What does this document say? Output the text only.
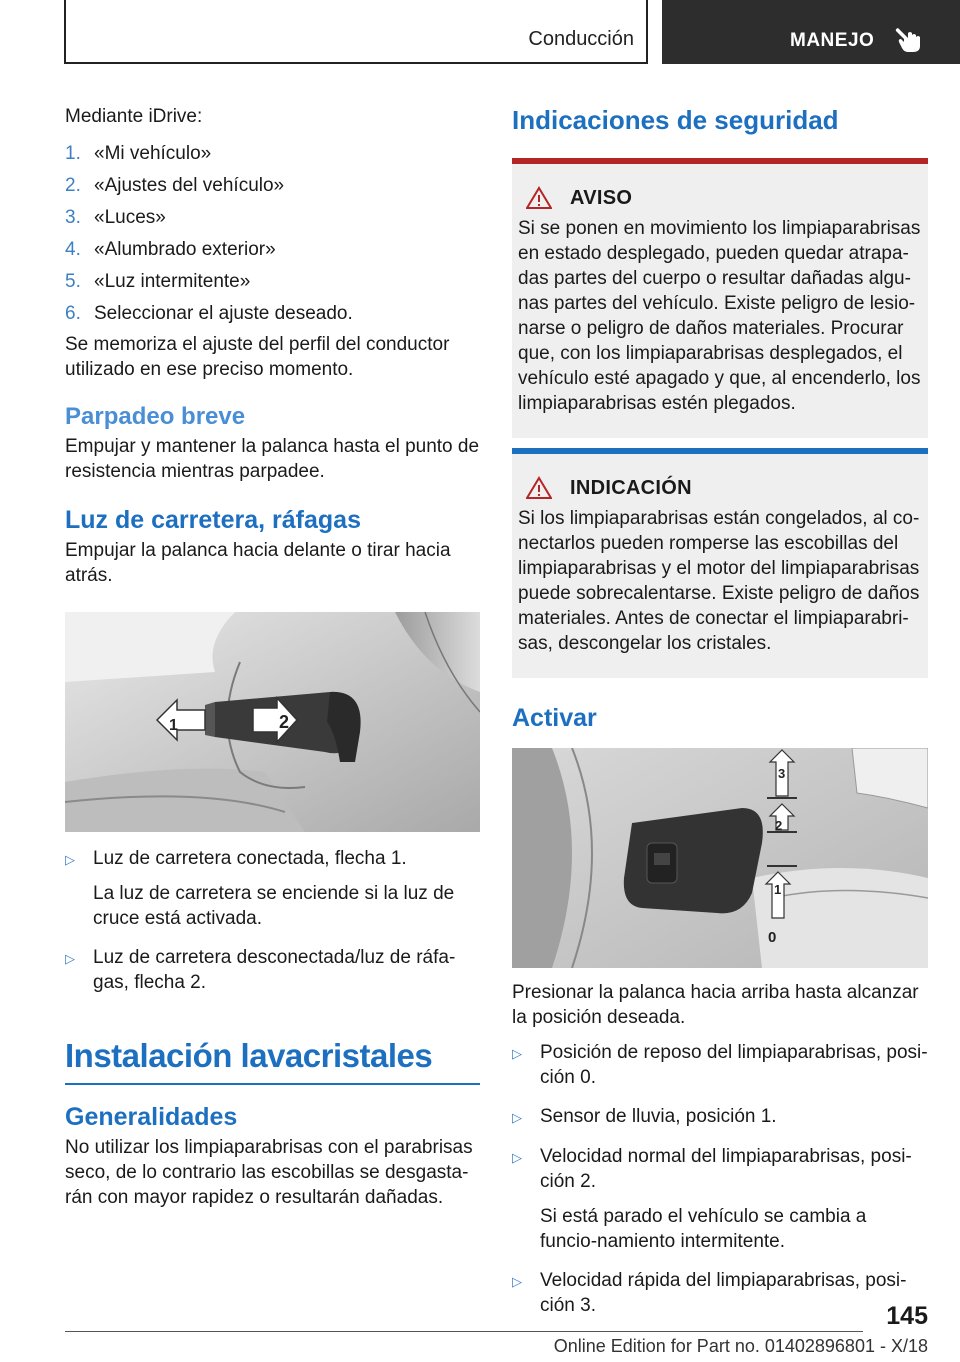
Conducción	MANEJO

Mediante iDrive:

1. «Mi vehículo»
2. «Ajustes del vehículo»
3. «Luces»
4. «Alumbrado exterior»
5. «Luz intermitente»
6. Seleccionar el ajuste deseado.

Se memoriza el ajuste del perfil del conductor utilizado en ese preciso momento.

Parpadeo breve

Empujar y mantener la palanca hasta el punto de resistencia mientras parpadee.

Luz de carretera, ráfagas

Empujar la palanca hacia delante o tirar hacia atrás.

1	2
▷ Luz de carretera conectada, flecha 1.

La luz de carretera se enciende si la luz de cruce está activada.

▷ Luz de carretera desconectada/luz de ráfa-gas, flecha 2.

Instalación lavacristales
Generalidades

No utilizar los limpiaparabrisas con el parabrisas seco, de lo contrario las escobillas se desgasta-rán con mayor rapidez o resultarán dañadas.

Indicaciones de seguridad
AVISO

Si se ponen en movimiento los limpiaparabrisas en estado desplegado, pueden quedar atrapa-das partes del cuerpo o resultar dañadas algu-nas partes del vehículo. Existe peligro de lesio-narse o peligro de daños materiales. Procurar que, con los limpiaparabrisas desplegados, el vehículo esté apagado y que, al encenderlo, los limpiaparabrisas estén plegados.

INDICACIÓN

Si los limpiaparabrisas están congelados, al co-nectarlos pueden romperse las escobillas del limpiaparabrisas y el motor del limpiaparabrisas puede sobrecalentarse. Existe peligro de daños materiales. Antes de conectar el limpiaparabri-sas, descongelar los cristales.

Activar
3
2
1
0

Presionar la palanca hacia arriba hasta alcanzar la posición deseada.

▷ Posición de reposo del limpiaparabrisas, posi-ción 0.

▷ Sensor de lluvia, posición 1.

▷ Velocidad normal del limpiaparabrisas, posi-ción 2.

Si está parado el vehículo se cambia a funcio-namiento intermitente.

▷ Velocidad rápida del limpiaparabrisas, posi-ción 3.	145
Online Edition for Part no. 01402896801 - X/18
